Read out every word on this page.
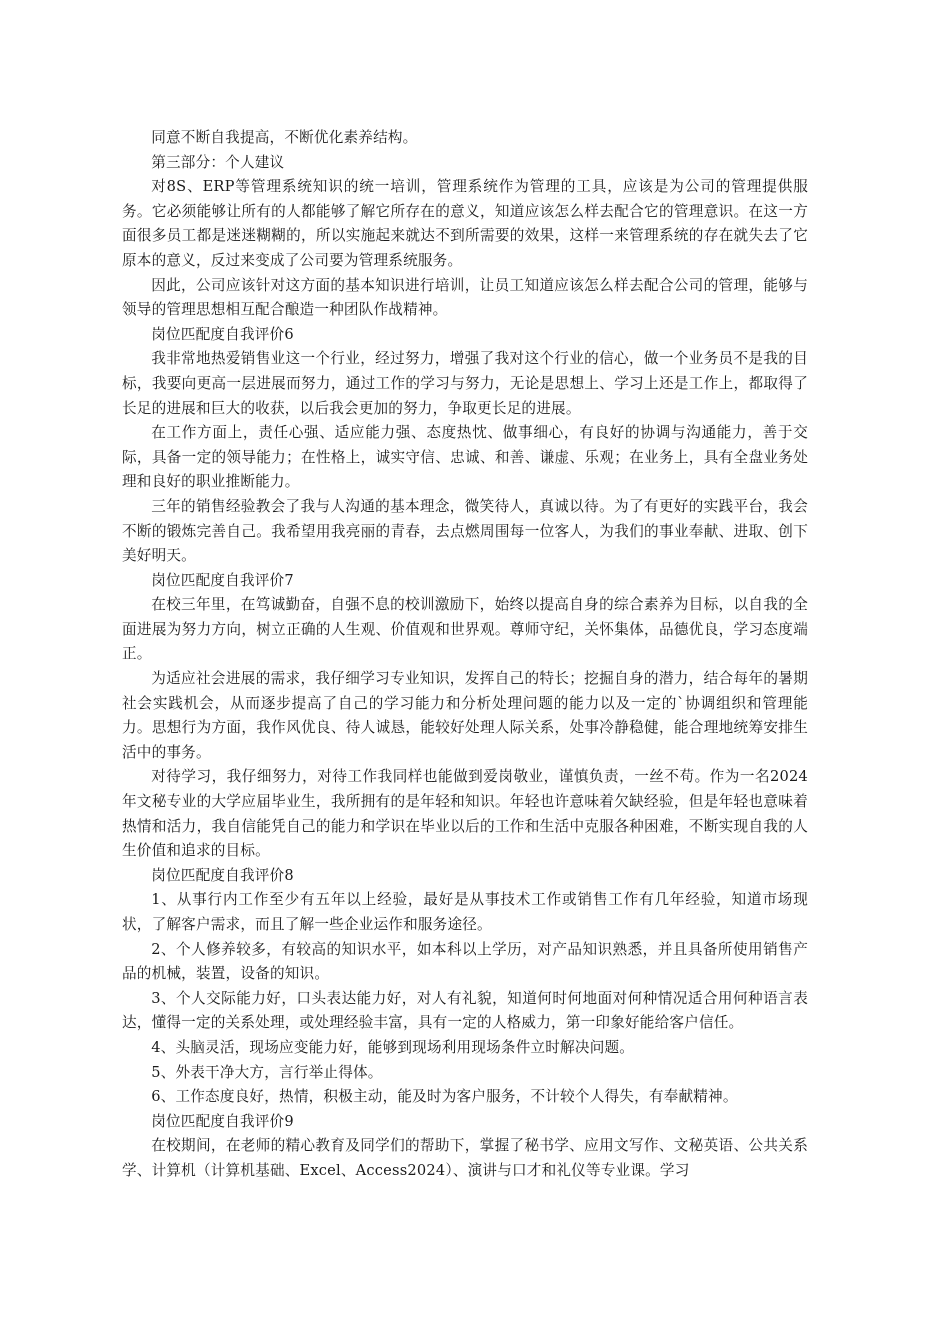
同意不断自我提高，不断优化素养结构。

第三部分：个人建议

对8S、ERP等管理系统知识的统一培训，管理系统作为管理的工具，应该是为公司的管理提供服务。它必须能够让所有的人都能够了解它所存在的意义，知道应该怎么样去配合它的管理意识。在这一方面很多员工都是迷迷糊糊的，所以实施起来就达不到所需要的效果，这样一来管理系统的存在就失去了它原本的意义，反过来变成了公司要为管理系统服务。

因此，公司应该针对这方面的基本知识进行培训，让员工知道应该怎么样去配合公司的管理，能够与领导的管理思想相互配合酿造一种团队作战精神。

岗位匹配度自我评价6

我非常地热爱销售业这一个行业，经过努力，增强了我对这个行业的信心，做一个业务员不是我的目标，我要向更高一层进展而努力，通过工作的学习与努力，无论是思想上、学习上还是工作上，都取得了长足的进展和巨大的收获，以后我会更加的努力，争取更长足的进展。

在工作方面上，责任心强、适应能力强、态度热忱、做事细心，有良好的协调与沟通能力，善于交际，具备一定的领导能力；在性格上，诚实守信、忠诚、和善、谦虚、乐观；在业务上，具有全盘业务处理和良好的职业推断能力。

三年的销售经验教会了我与人沟通的基本理念，微笑待人，真诚以待。为了有更好的实践平台，我会不断的锻炼完善自己。我希望用我亮丽的青春，去点燃周围每一位客人，为我们的事业奉献、进取、创下美好明天。

岗位匹配度自我评价7

在校三年里，在笃诚勤奋，自强不息的校训激励下，始终以提高自身的综合素养为目标，以自我的全面进展为努力方向，树立正确的人生观、价值观和世界观。尊师守纪，关怀集体，品德优良，学习态度端正。

为适应社会进展的需求，我仔细学习专业知识，发挥自己的特长；挖掘自身的潜力，结合每年的暑期社会实践机会，从而逐步提高了自己的学习能力和分析处理问题的能力以及一定的`协调组织和管理能力。思想行为方面，我作风优良、待人诚恳，能较好处理人际关系，处事冷静稳健，能合理地统筹安排生活中的事务。

对待学习，我仔细努力，对待工作我同样也能做到爱岗敬业，谨慎负责，一丝不苟。作为一名2024年文秘专业的大学应届毕业生，我所拥有的是年轻和知识。年轻也许意味着欠缺经验，但是年轻也意味着热情和活力，我自信能凭自己的能力和学识在毕业以后的工作和生活中克服各种困难，不断实现自我的人生价值和追求的目标。

岗位匹配度自我评价8

1、从事行内工作至少有五年以上经验，最好是从事技术工作或销售工作有几年经验，知道市场现状，了解客户需求，而且了解一些企业运作和服务途径。

2、个人修养较多，有较高的知识水平，如本科以上学历，对产品知识熟悉，并且具备所使用销售产品的机械，装置，设备的知识。

3、个人交际能力好，口头表达能力好，对人有礼貌，知道何时何地面对何种情况适合用何种语言表达，懂得一定的关系处理，或处理经验丰富，具有一定的人格威力，第一印象好能给客户信任。

4、头脑灵活，现场应变能力好，能够到现场利用现场条件立时解决问题。

5、外表干净大方，言行举止得体。

6、工作态度良好，热情，积极主动，能及时为客户服务，不计较个人得失，有奉献精神。

岗位匹配度自我评价9

在校期间，在老师的精心教育及同学们的帮助下，掌握了秘书学、应用文写作、文秘英语、公共关系学、计算机（计算机基础、Excel、Access2024）、演讲与口才和礼仪等专业课。学习
